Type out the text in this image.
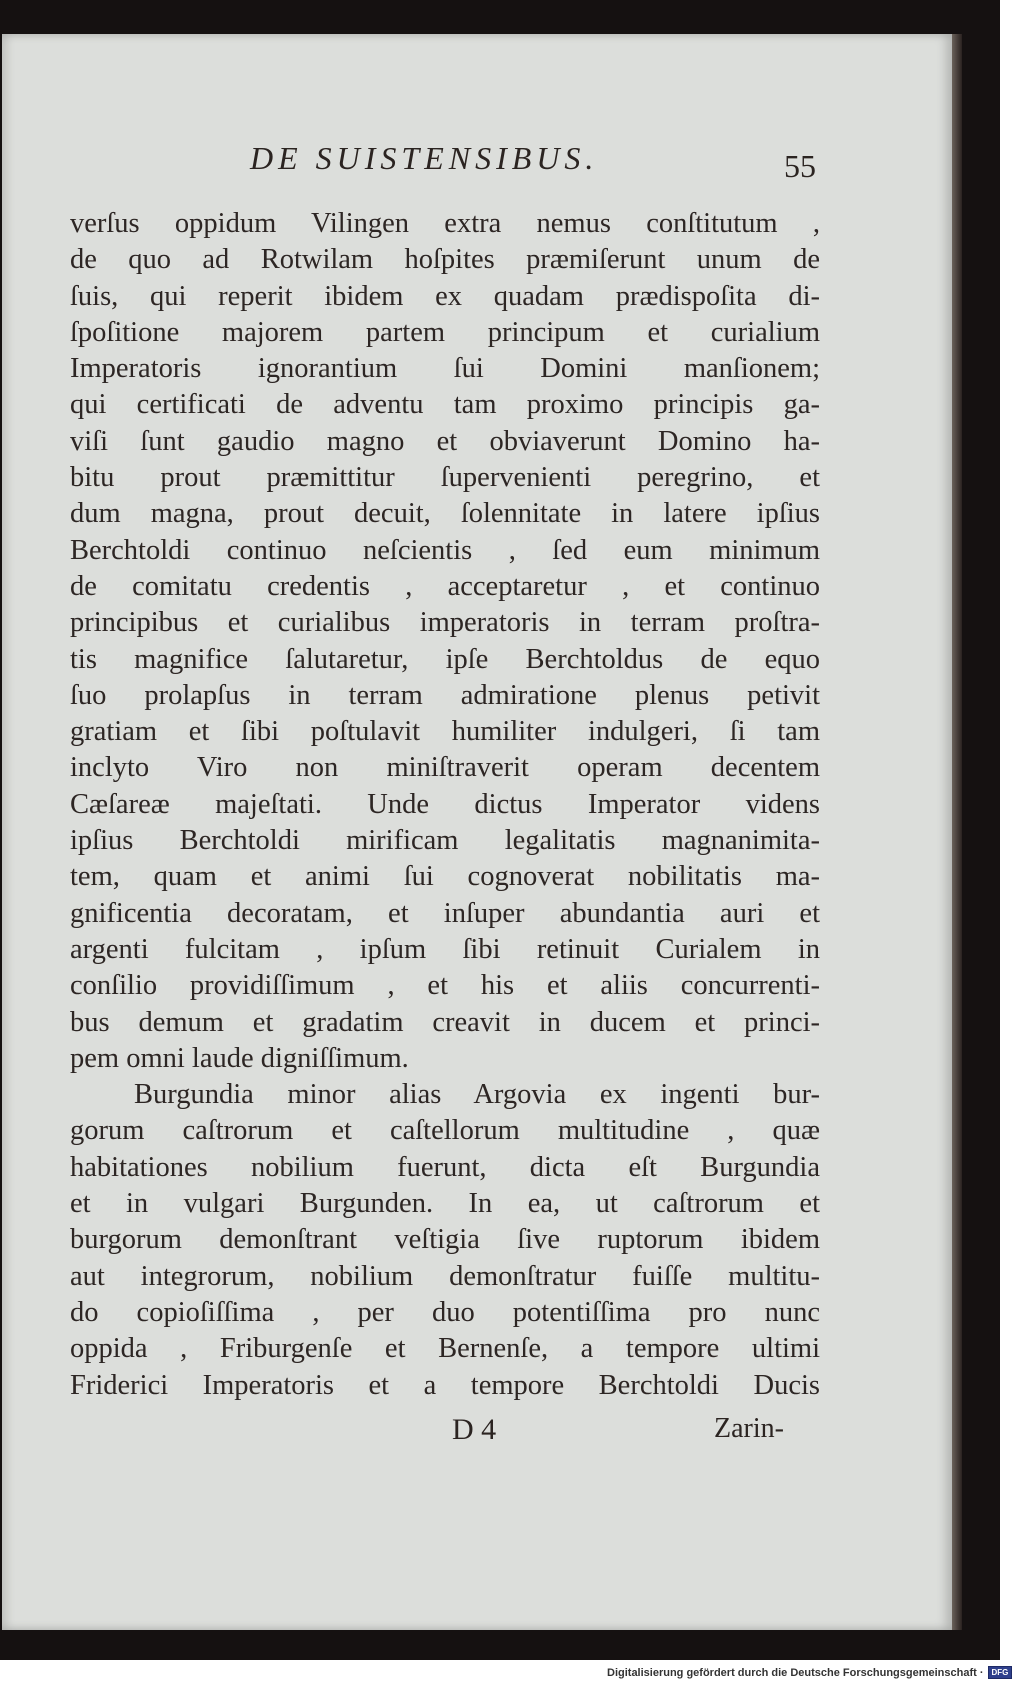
DE SUISTENSIBUS.	55
verſus oppidum Vilingen extra nemus conſtitutum ,
de quo ad Rotwilam hoſpites præmiſerunt unum de
ſuis, qui reperit ibidem ex quadam prædispoſita di-
ſpoſitione majorem partem principum et curialium
Imperatoris ignorantium ſui Domini manſionem;
qui certificati de adventu tam proximo principis ga-
viſi ſunt gaudio magno et obviaverunt Domino ha-
bitu prout præmittitur ſupervenienti peregrino, et
dum magna, prout decuit, ſolennitate in latere ipſius
Berchtoldi continuo neſcientis , ſed eum minimum
de comitatu credentis , acceptaretur , et continuo
principibus et curialibus imperatoris in terram proſtra-
tis magnifice ſalutaretur, ipſe Berchtoldus de equo
ſuo prolapſus in terram admiratione plenus petivit
gratiam et ſibi poſtulavit humiliter indulgeri, ſi tam
inclyto Viro non miniſtraverit operam decentem
Cæſareæ majeſtati. Unde dictus Imperator videns
ipſius Berchtoldi mirificam legalitatis magnanimita-
tem, quam et animi ſui cognoverat nobilitatis ma-
gnificentia decoratam, et inſuper abundantia auri et
argenti fulcitam , ipſum ſibi retinuit Curialem in
conſilio providiſſimum , et his et aliis concurrenti-
bus demum et gradatim creavit in ducem et princi-
pem omni laude digniſſimum.
Burgundia minor alias Argovia ex ingenti bur-
gorum caſtrorum et caſtellorum multitudine , quæ
habitationes nobilium fuerunt, dicta eſt Burgundia
et in vulgari Burgunden. In ea, ut caſtrorum et
burgorum demonſtrant veſtigia ſive ruptorum ibidem
aut integrorum, nobilium demonſtratur fuiſſe multitu-
do copioſiſſima , per duo potentiſſima pro nunc
oppida , Friburgenſe et Bernenſe, a tempore ultimi
Friderici Imperatoris et a tempore Berchtoldi Ducis
D 4	Zarin-
Digitalisierung gefördert durch die Deutsche Forschungsgemeinschaft ·	DFG
